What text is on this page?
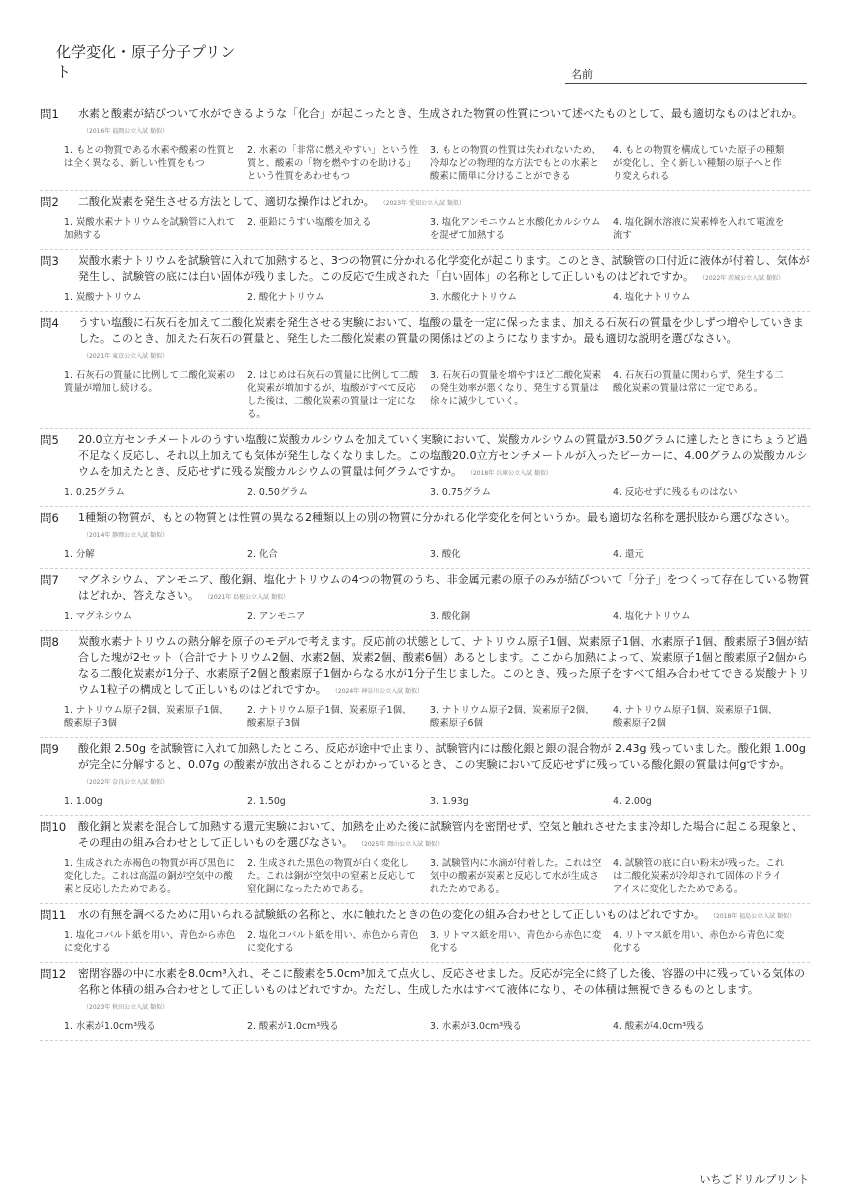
化学変化・原子分子プリント	名前
問1	水素と酸素が結びついて水ができるような「化合」が起こったとき、生成された物質の性質について述べたものとして、最も適切なものはどれか。（2016年 福岡公立入試 類似）
1. もとの物質である水素や酸素の性質とは全く異なる、新しい性質をもつ
2. 水素の「非常に燃えやすい」という性質と、酸素の「物を燃やすのを助ける」という性質をあわせもつ
3. もとの物質の性質は失われないため、冷却などの物理的な方法でもとの水素と酸素に簡単に分けることができる
4. もとの物質を構成していた原子の種類が変化し、全く新しい種類の原子へと作り変えられる
問2	二酸化炭素を発生させる方法として、適切な操作はどれか。 （2023年 愛知公立入試 類似）
1. 炭酸水素ナトリウムを試験管に入れて加熱する
2. 亜鉛にうすい塩酸を加える	3. 塩化アンモニウムと水酸化カルシウムを混ぜて加熱する
4. 塩化銅水溶液に炭素棒を入れて電流を流す
問3	炭酸水素ナトリウムを試験管に入れて加熱すると、3つの物質に分かれる化学変化が起こります。このとき、試験管の口付近に液体が付着し、気体が発生し、試験管の底には白い固体が残りました。この反応で生成された「白い固体」の名称として正しいものはどれですか。 （2022年 茨城公立入試 類似）
1. 炭酸ナトリウム	2. 酸化ナトリウム	3. 水酸化ナトリウム	4. 塩化ナトリウム
問4	うすい塩酸に石灰石を加えて二酸化炭素を発生させる実験において、塩酸の量を一定に保ったまま、加える石灰石の質量を少しずつ増やしていきました。このとき、加えた石灰石の質量と、発生した二酸化炭素の質量の関係はどのようになりますか。最も適切な説明を選びなさい。（2021年 東京公立入試 類似）
1. 石灰石の質量に比例して二酸化炭素の質量が増加し続ける。
2. はじめは石灰石の質量に比例して二酸化炭素が増加するが、塩酸がすべて反応した後は、二酸化炭素の質量は一定になる。
3. 石灰石の質量を増やすほど二酸化炭素の発生効率が悪くなり、発生する質量は徐々に減少していく。
4. 石灰石の質量に関わらず、発生する二酸化炭素の質量は常に一定である。
問5	20.0立方センチメートルのうすい塩酸に炭酸カルシウムを加えていく実験において、炭酸カルシウムの質量が3.50グラムに達したときにちょうど過不足なく反応し、それ以上加えても気体が発生しなくなりました。この塩酸20.0立方センチメートルが入ったビーカーに、4.00グラムの炭酸カルシウムを加えたとき、反応せずに残る炭酸カルシウムの質量は何グラムですか。 （2018年 兵庫公立入試 類似）
1. 0.25グラム	2. 0.50グラム	3. 0.75グラム	4. 反応せずに残るものはない
問6	1種類の物質が、もとの物質とは性質の異なる2種類以上の別の物質に分かれる化学変化を何というか。最も適切な名称を選択肢から選びなさい。（2014年 静岡公立入試 類似）
1. 分解	2. 化合	3. 酸化	4. 還元
問7	マグネシウム、アンモニア、酸化銅、塩化ナトリウムの4つの物質のうち、非金属元素の原子のみが結びついて「分子」をつくって存在している物質はどれか、答えなさい。 （2021年 島根公立入試 類似）
1. マグネシウム	2. アンモニア	3. 酸化銅	4. 塩化ナトリウム
問8	炭酸水素ナトリウムの熱分解を原子のモデルで考えます。反応前の状態として、ナトリウム原子1個、炭素原子1個、水素原子1個、酸素原子3個が結合した塊が2セット（合計でナトリウム2個、水素2個、炭素2個、酸素6個）あるとします。ここから加熱によって、炭素原子1個と酸素原子2個からなる二酸化炭素が1分子、水素原子2個と酸素原子1個からなる水が1分子生じました。このとき、残った原子をすべて組み合わせてできる炭酸ナトリウム1粒子の構成として正しいものはどれですか。 （2024年 神奈川公立入試 類似）
1. ナトリウム原子2個、炭素原子1個、酸素原子3個
2. ナトリウム原子1個、炭素原子1個、酸素原子3個
3. ナトリウム原子2個、炭素原子2個、酸素原子6個
4. ナトリウム原子1個、炭素原子1個、酸素原子2個
問9	酸化銀 2.50g を試験管に入れて加熱したところ、反応が途中で止まり、試験管内には酸化銀と銀の混合物が 2.43g 残っていました。酸化銀 1.00g が完全に分解すると、0.07g の酸素が放出されることがわかっているとき、この実験において反応せずに残っている酸化銀の質量は何gですか。（2022年 奈良公立入試 類似）
1. 1.00g	2. 1.50g	3. 1.93g	4. 2.00g
問10	酸化銅と炭素を混合して加熱する還元実験において、加熱を止めた後に試験管内を密閉せず、空気と触れさせたまま冷却した場合に起こる現象と、その理由の組み合わせとして正しいものを選びなさい。 （2025年 岡山公立入試 類似）
1. 生成された赤褐色の物質が再び黒色に変化した。これは高温の銅が空気中の酸素と反応したためである。
2. 生成された黒色の物質が白く変化した。これは銅が空気中の窒素と反応して窒化銅になったためである。
3. 試験管内に水滴が付着した。これは空気中の酸素が炭素と反応して水が生成されたためである。
4. 試験管の底に白い粉末が残った。これは二酸化炭素が冷却されて固体のドライアイスに変化したためである。
問11	水の有無を調べるために用いられる試験紙の名称と、水に触れたときの色の変化の組み合わせとして正しいものはどれですか。 （2018年 福島公立入試 類似）
1. 塩化コバルト紙を用い、青色から赤色に変化する
2. 塩化コバルト紙を用い、赤色から青色に変化する
3. リトマス紙を用い、青色から赤色に変化する
4. リトマス紙を用い、赤色から青色に変化する
問12	密閉容器の中に水素を8.0cm³入れ、そこに酸素を5.0cm³加えて点火し、反応させました。反応が完全に終了した後、容器の中に残っている気体の名称と体積の組み合わせとして正しいものはどれですか。ただし、生成した水はすべて液体になり、その体積は無視できるものとします。（2023年 秋田公立入試 類似）
1. 水素が1.0cm³残る	2. 酸素が1.0cm³残る	3. 水素が3.0cm³残る	4. 酸素が4.0cm³残る
いちごドリルプリント
